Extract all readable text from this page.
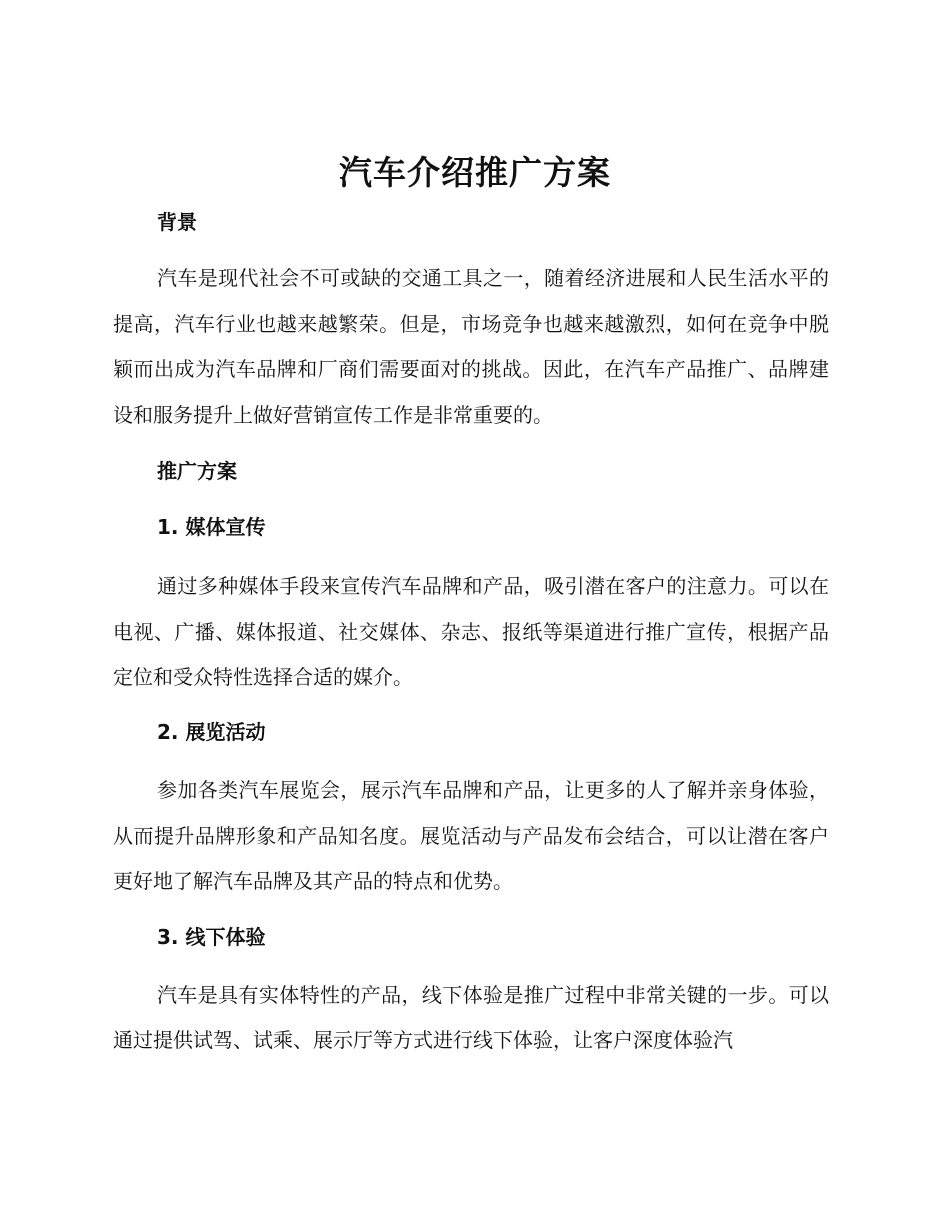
汽车介绍推广方案
背景

汽车是现代社会不可或缺的交通工具之一，随着经济进展和人民生活水平的提高，汽车行业也越来越繁荣。但是，市场竞争也越来越激烈，如何在竞争中脱颖而出成为汽车品牌和厂商们需要面对的挑战。因此，在汽车产品推广、品牌建设和服务提升上做好营销宣传工作是非常重要的。

推广方案
1. 媒体宣传

通过多种媒体手段来宣传汽车品牌和产品，吸引潜在客户的注意力。可以在电视、广播、媒体报道、社交媒体、杂志、报纸等渠道进行推广宣传，根据产品定位和受众特性选择合适的媒介。

2. 展览活动

参加各类汽车展览会，展示汽车品牌和产品，让更多的人了解并亲身体验，从而提升品牌形象和产品知名度。展览活动与产品发布会结合，可以让潜在客户更好地了解汽车品牌及其产品的特点和优势。

3. 线下体验

汽车是具有实体特性的产品，线下体验是推广过程中非常关键的一步。可以通过提供试驾、试乘、展示厅等方式进行线下体验，让客户深度体验汽
